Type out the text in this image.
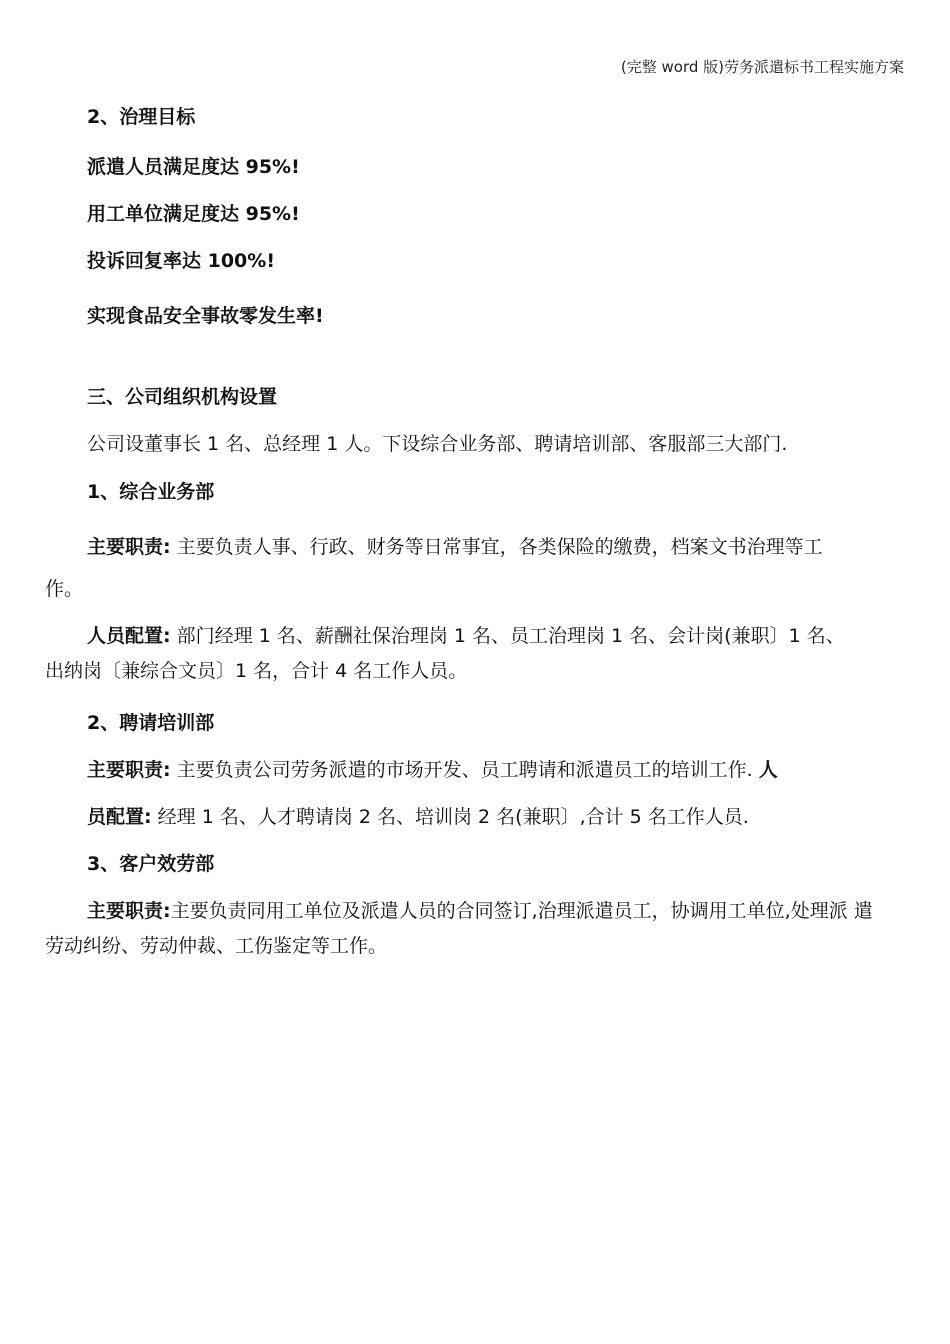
(完整 word 版)劳务派遣标书工程实施方案
2、治理目标
派遣人员满足度达 95%!
用工单位满足度达 95%!
投诉回复率达 100%!
实现食品安全事故零发生率!
三、公司组织机构设置
公司设董事长 1 名、总经理 1 人。下设综合业务部、聘请培训部、客服部三大部门.
1、综合业务部
主要职责: 主要负责人事、行政、财务等日常事宜，各类保险的缴费，档案文书治理等工
作。
人员配置: 部门经理 1 名、薪酬社保治理岗 1 名、员工治理岗 1 名、会计岗(兼职〕1 名、
出纳岗〔兼综合文员〕1 名，合计 4 名工作人员。
2、聘请培训部
主要职责: 主要负责公司劳务派遣的市场开发、员工聘请和派遣员工的培训工作. 人
员配置: 经理 1 名、人才聘请岗 2 名、培训岗 2 名(兼职〕,合计 5 名工作人员.
3、客户效劳部
主要职责:主要负责同用工单位及派遣人员的合同签订,治理派遣员工，协调用工单位,处理派 遣
劳动纠纷、劳动仲裁、工伤鉴定等工作。
